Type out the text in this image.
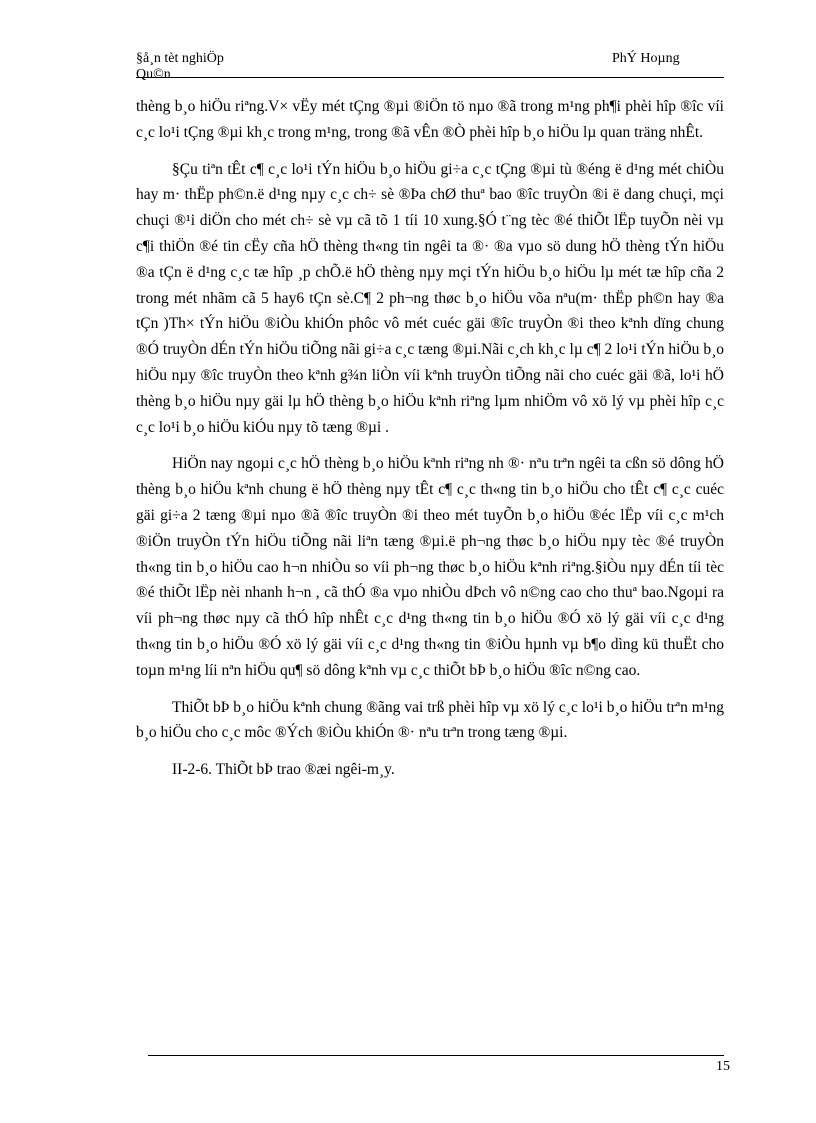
§å¸n tèt nghiÖp
Qu©n
PhÝ Hoµng

thèng b¸o hiÖu riªng.V× vËy mét tÇng ®µi ®iÖn tö nµo ®ã trong m¹ng ph¶i phèi hîp ®îc víi c¸c lo¹i tÇng ®µi kh¸c trong m¹ng, trong ®ã vÊn ®Ò phèi hîp b¸o hiÖu lµ quan träng nhÊt.

§Çu tiªn tÊt c¶ c¸c lo¹i tÝn hiÖu b¸o hiÖu gi÷a c¸c tÇng ®µi tù ®éng ë d¹ng mét chiÒu hay m· thËp ph©n.ë d¹ng nµy c¸c ch÷ sè ®Þa chØ thuª bao ®îc truyÒn ®i ë dang chuçi, mçi chuçi ®¹i diÖn cho mét ch÷ sè vµ cã tõ 1 tíi 10 xung.§Ó t¨ng tèc ®é thiÕt lËp tuyÕn nèi vµ c¶i thiÖn ®é tin cËy cña hÖ thèng th«ng tin ngêi ta ®· ®a vµo sö dung hÖ thèng tÝn hiÖu ®a tÇn ë d¹ng c¸c tæ hîp ¸p chÕ.ë hÖ thèng nµy mçi tÝn hiÖu b¸o hiÖu lµ mét tæ hîp cña 2 trong mét nhãm cã 5 hay6 tÇn sè.C¶ 2 ph¬ng thøc b¸o hiÖu võa nªu(m· thËp ph©n hay ®a tÇn )Th× tÝn hiÖu ®iÒu khiÓn phôc vô mét cuéc gäi ®îc truyÒn ®i theo kªnh dïng chung ®Ó truyÒn dÉn tÝn hiÖu tiÕng nãi gi÷a c¸c tæng ®µi.Nãi c¸ch kh¸c lµ c¶ 2 lo¹i tÝn hiÖu b¸o hiÖu nµy ®îc truyÒn theo kªnh g¾n liÒn víi kªnh truyÒn tiÕng nãi cho cuéc gäi ®ã, lo¹i hÖ thèng b¸o hiÖu nµy gäi lµ hÖ thèng b¸o hiÖu kªnh riªng lµm nhiÖm vô xö lý vµ phèi hîp c¸c c¸c lo¹i b¸o hiÖu kiÓu nµy tõ tæng ®µi .

HiÖn nay ngoµi c¸c hÖ thèng b¸o hiÖu kªnh riªng nh ®· nªu trªn ngêi ta cßn sö dông hÖ thèng b¸o hiÖu kªnh chung ë hÖ thèng nµy tÊt c¶ c¸c th«ng tin b¸o hiÖu cho tÊt c¶ c¸c cuéc gäi gi÷a 2 tæng ®µi nµo ®ã ®îc truyÒn ®i theo mét tuyÕn b¸o hiÖu ®éc lËp víi c¸c m¹ch ®iÖn truyÒn tÝn hiÖu tiÕng nãi liªn tæng ®µi.ë ph¬ng thøc b¸o hiÖu nµy tèc ®é truyÒn th«ng tin b¸o hiÖu cao h¬n nhiÒu so víi ph¬ng thøc b¸o hiÖu kªnh riªng.§iÒu nµy dÉn tíi tèc ®é thiÕt lËp nèi nhanh h¬n , cã thÓ ®a vµo nhiÒu dÞch vô n©ng cao cho thuª bao.Ngoµi ra víi ph¬ng thøc nµy cã thÓ hîp nhÊt c¸c d¹ng th«ng tin b¸o hiÖu ®Ó xö lý gäi víi c¸c d¹ng th«ng tin b¸o hiÖu ®Ó xö lý gäi víi c¸c d¹ng th«ng tin ®iÒu hµnh vµ b¶o dìng kü thuËt cho toµn m¹ng líi nªn hiÖu qu¶ sö dông kªnh vµ c¸c thiÕt bÞ b¸o hiÖu ®îc n©ng cao.

ThiÕt bÞ b¸o hiÖu kªnh chung ®ãng vai trß phèi hîp vµ xö lý c¸c lo¹i b¸o hiÖu trªn m¹ng b¸o hiÖu cho c¸c môc ®Ých ®iÒu khiÓn ®· nªu trªn trong tæng ®µi.

II-2-6. ThiÕt bÞ trao ®æi ngêi-m¸y.

15
